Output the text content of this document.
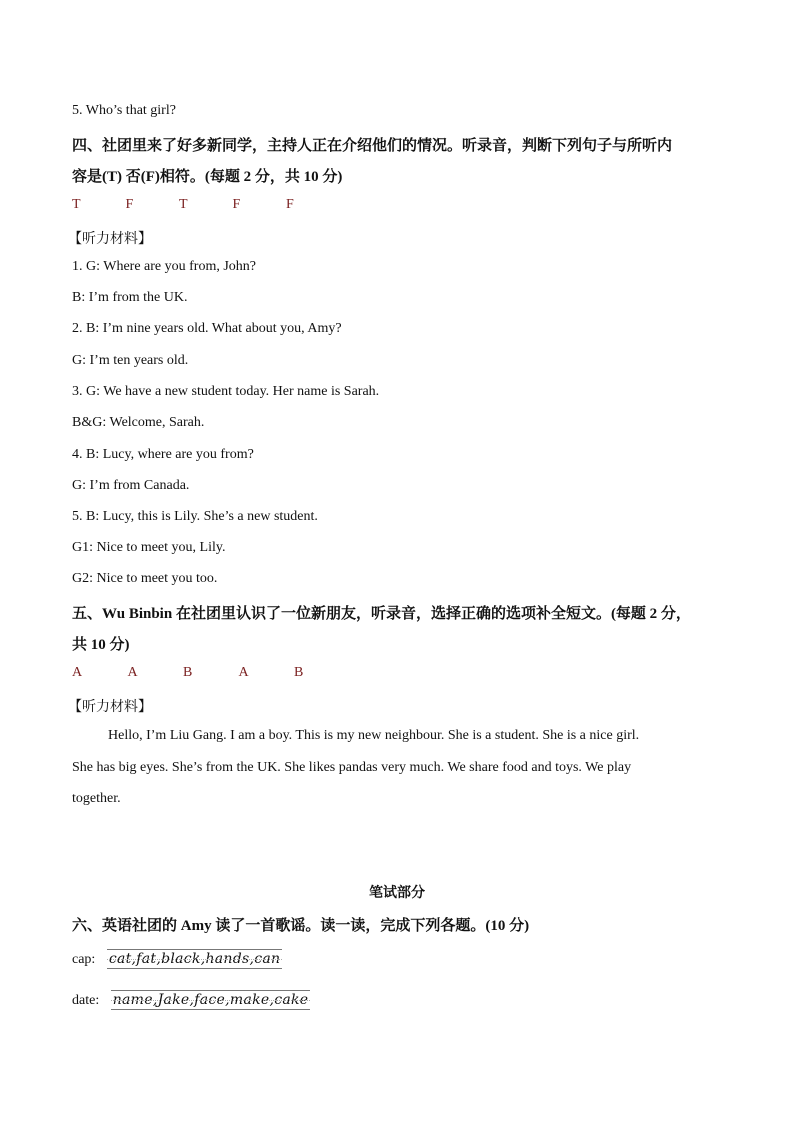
5. Who’s that girl?
四、社团里来了好多新同学，主持人正在介绍他们的情况。听录音，判断下列句子与所听内
容是(T) 否(F)相符。(每题 2 分，共 10 分)
T	F	T	F	F
【听力材料】
1. G: Where are you from, John?
B: I’m from the UK.
2. B: I’m nine years old. What about you, Amy?
G: I’m ten years old.
3. G: We have a new student today. Her name is Sarah.
B&G: Welcome, Sarah.
4. B: Lucy, where are you from?
G: I’m from Canada.
5. B: Lucy, this is Lily. She’s a new student.
G1: Nice to meet you, Lily.
G2: Nice to meet you too.
五、Wu Binbin 在社团里认识了一位新朋友，听录音，选择正确的选项补全短文。(每题 2 分，
共 10 分)
A	A	B	A	B
【听力材料】
Hello, I’m Liu Gang. I am a boy. This is my new neighbour. She is a student. She is a nice girl.
She has big eyes. She’s from the UK. She likes pandas very much. We share food and toys. We play
together.
笔试部分
六、英语社团的 Amy 读了一首歌谣。读一读，完成下列各题。(10 分)
cap: cat,fat,black,hands,can
date: name,Jake,face,make,cake
